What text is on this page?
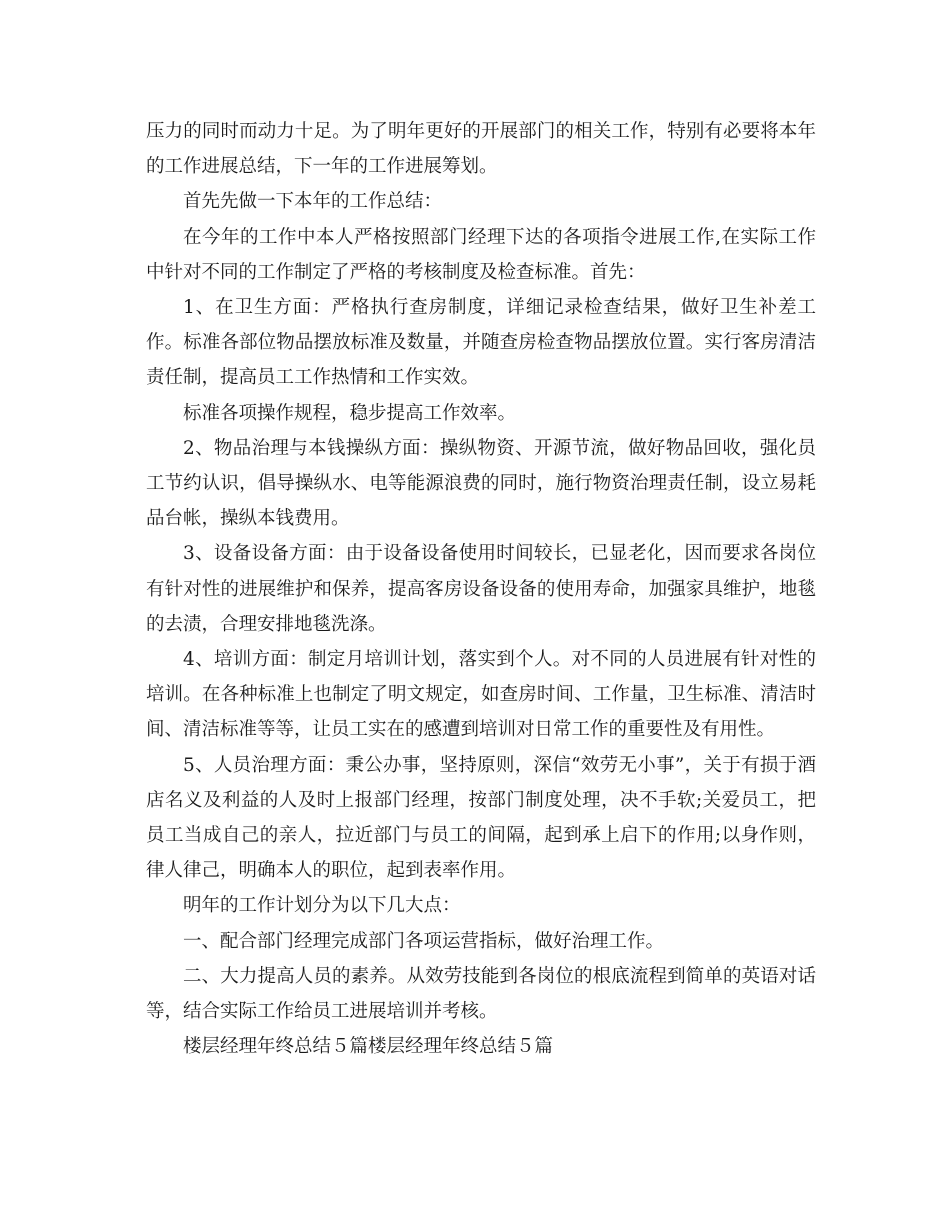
压力的同时而动力十足。为了明年更好的开展部门的相关工作，特别有必要将本年的工作进展总结，下一年的工作进展筹划。

首先先做一下本年的工作总结：

在今年的工作中本人严格按照部门经理下达的各项指令进展工作,在实际工作中针对不同的工作制定了严格的考核制度及检查标准。首先：

1、在卫生方面：严格执行查房制度，详细记录检查结果，做好卫生补差工作。标准各部位物品摆放标准及数量，并随查房检查物品摆放位置。实行客房清洁责任制，提高员工工作热情和工作实效。

标准各项操作规程，稳步提高工作效率。

2、物品治理与本钱操纵方面：操纵物资、开源节流，做好物品回收，强化员工节约认识，倡导操纵水、电等能源浪费的同时，施行物资治理责任制，设立易耗品台帐，操纵本钱费用。

3、设备设备方面：由于设备设备使用时间较长，已显老化，因而要求各岗位有针对性的进展维护和保养，提高客房设备设备的使用寿命，加强家具维护，地毯的去渍，合理安排地毯洗涤。

4、培训方面：制定月培训计划，落实到个人。对不同的人员进展有针对性的培训。在各种标准上也制定了明文规定，如查房时间、工作量，卫生标准、清洁时间、清洁标准等等，让员工实在的感遭到培训对日常工作的重要性及有用性。

5、人员治理方面：秉公办事，坚持原则，深信“效劳无小事”，关于有损于酒店名义及利益的人及时上报部门经理，按部门制度处理，决不手软;关爱员工，把员工当成自己的亲人，拉近部门与员工的间隔，起到承上启下的作用;以身作则，律人律己，明确本人的职位，起到表率作用。

明年的工作计划分为以下几大点：

一、配合部门经理完成部门各项运营指标，做好治理工作。

二、大力提高人员的素养。从效劳技能到各岗位的根底流程到简单的英语对话等，结合实际工作给员工进展培训并考核。

楼层经理年终总结５篇楼层经理年终总结５篇
